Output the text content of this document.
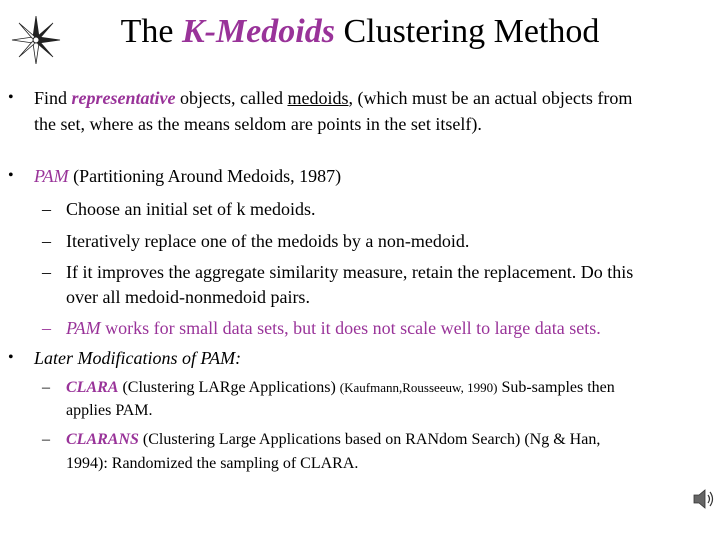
The K-Medoids Clustering Method
• Find representative objects, called medoids, (which must be an actual objects from
the set, where as the means seldom are points in the set itself).
• PAM (Partitioning Around Medoids, 1987)
– Choose an initial set of k medoids.
– Iteratively replace one of the medoids by a non-medoid.
– If it improves the aggregate similarity measure, retain the replacement. Do this
over all medoid-nonmedoid pairs.
– PAM works for small data sets, but it does not scale well to large data sets.
• Later Modifications of PAM:
– CLARA (Clustering LARge Applications) (Kaufmann,Rousseeuw, 1990) Sub-samples then
applies PAM.
– CLARANS (Clustering Large Applications based on RANdom Search) (Ng & Han,
1994): Randomized the sampling of CLARA.
